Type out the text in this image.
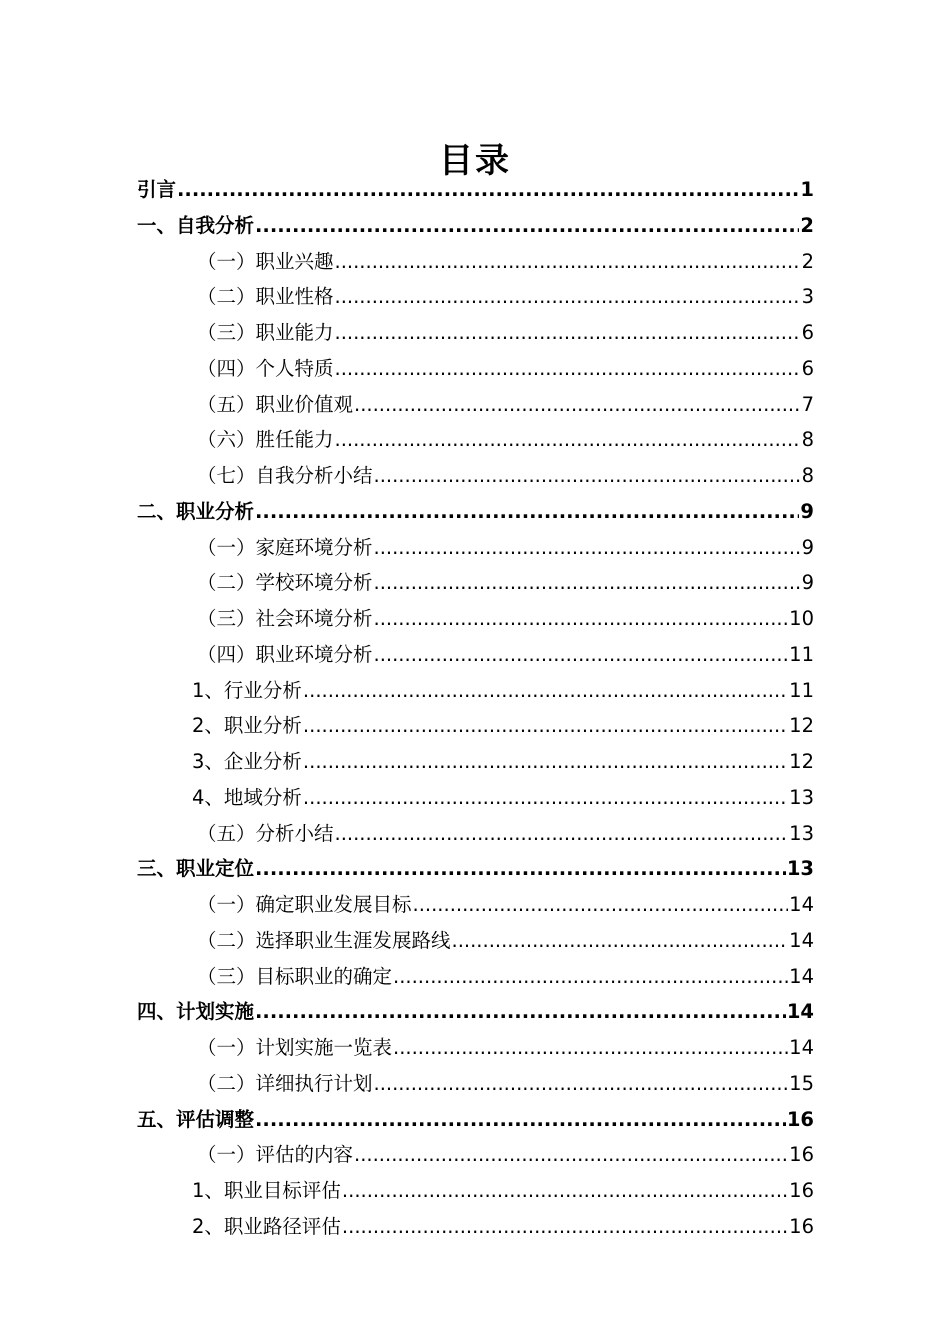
目录
引言 .....	1
一、自我分析 .....	2
（一）职业兴趣 .....	2
（二）职业性格 .....	3
（三）职业能力 .....	6
（四）个人特质 .....	6
（五）职业价值观 .....	7
（六）胜任能力 .....	8
（七）自我分析小结 .....	8
二、职业分析 .....	9
（一）家庭环境分析 .....	9
（二）学校环境分析 .....	9
（三）社会环境分析 .....	10
（四）职业环境分析 .....	11
1、行业分析 .....	11
2、职业分析 .....	12
3、企业分析 .....	12
4、地域分析 .....	13
（五）分析小结 .....	13
三、职业定位 .....	13
（一）确定职业发展目标 .....	14
（二）选择职业生涯发展路线 .....	14
（三）目标职业的确定 .....	14
四、计划实施 .....	14
（一）计划实施一览表 .....	14
（二）详细执行计划 .....	15
五、评估调整 .....	16
（一）评估的内容 .....	16
1、职业目标评估 .....	16
2、职业路径评估 .....	16
